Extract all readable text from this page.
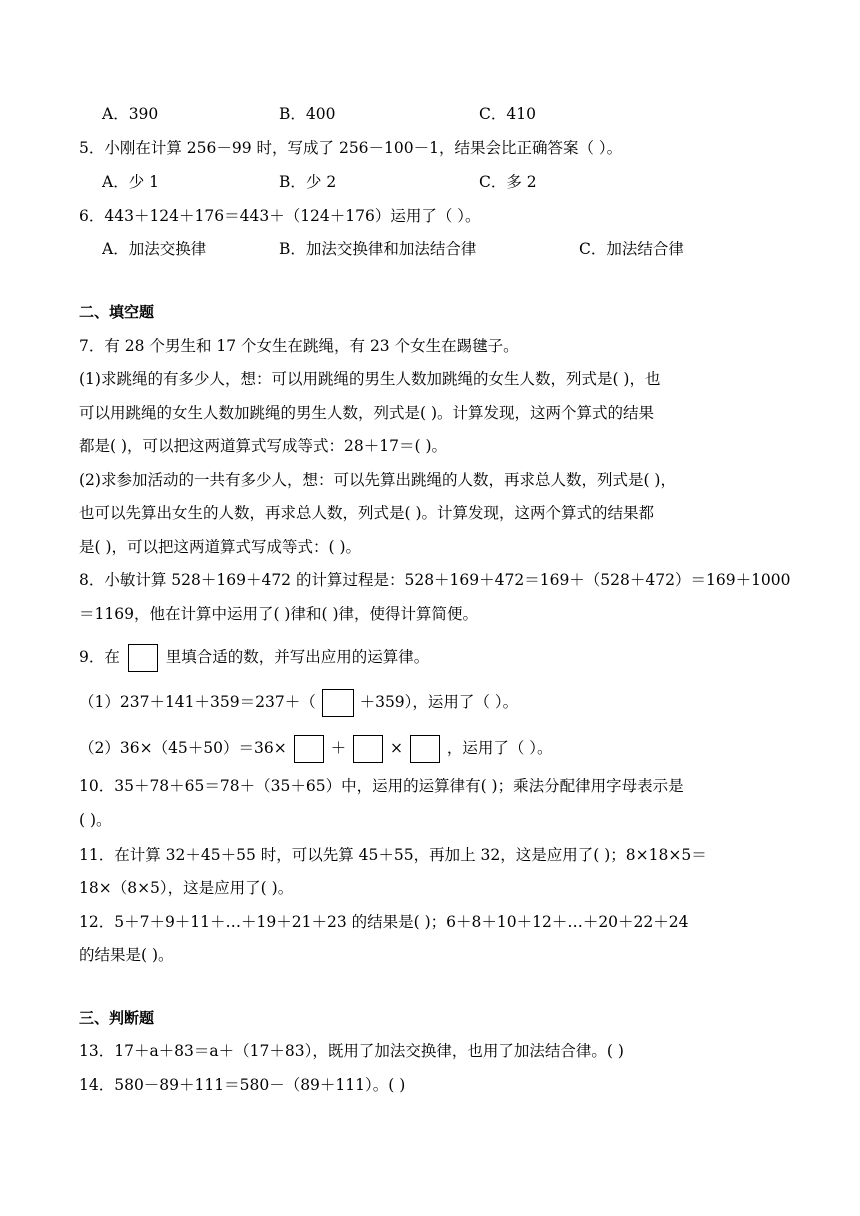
A．390	B．400	C．410
5．小刚在计算 256－99 时，写成了 256－100－1，结果会比正确答案（ ）。
A．少 1	B．少 2	C．多 2
6．443＋124＋176＝443＋（124＋176）运用了（ ）。
A．加法交换律	B．加法交换律和加法结合律	C．加法结合律
二、填空题
7．有 28 个男生和 17 个女生在跳绳，有 23 个女生在踢毽子。
(1)求跳绳的有多少人，想：可以用跳绳的男生人数加跳绳的女生人数，列式是( )，也
可以用跳绳的女生人数加跳绳的男生人数，列式是( )。计算发现，这两个算式的结果
都是( )，可以把这两道算式写成等式：28＋17＝( )。
(2)求参加活动的一共有多少人，想：可以先算出跳绳的人数，再求总人数，列式是( )，
也可以先算出女生的人数，再求总人数，列式是( )。计算发现，这两个算式的结果都
是( )，可以把这两道算式写成等式：( )。
8．小敏计算 528＋169＋472 的计算过程是：528＋169＋472＝169＋（528＋472）＝169＋1000
＝1169，他在计算中运用了( )律和( )律，使得计算简便。
9．在	里填合适的数，并写出应用的运算律。
（1）237＋141＋359＝237＋（	＋359），运用了（ ）。
（2）36×（45＋50）＝36×	＋	×	，运用了（ ）。
10．35＋78＋65＝78＋（35＋65）中，运用的运算律有( )；乘法分配律用字母表示是
( )。
11．在计算 32＋45＋55 时，可以先算 45＋55，再加上 32，这是应用了( )；8×18×5＝
18×（8×5），这是应用了( )。
12．5＋7＋9＋11＋…＋19＋21＋23 的结果是( )；6＋8＋10＋12＋…＋20＋22＋24
的结果是( )。
三、判断题
13．17＋a＋83＝a＋（17＋83），既用了加法交换律，也用了加法结合律。( )
14．580－89＋111＝580－（89＋111）。( )
